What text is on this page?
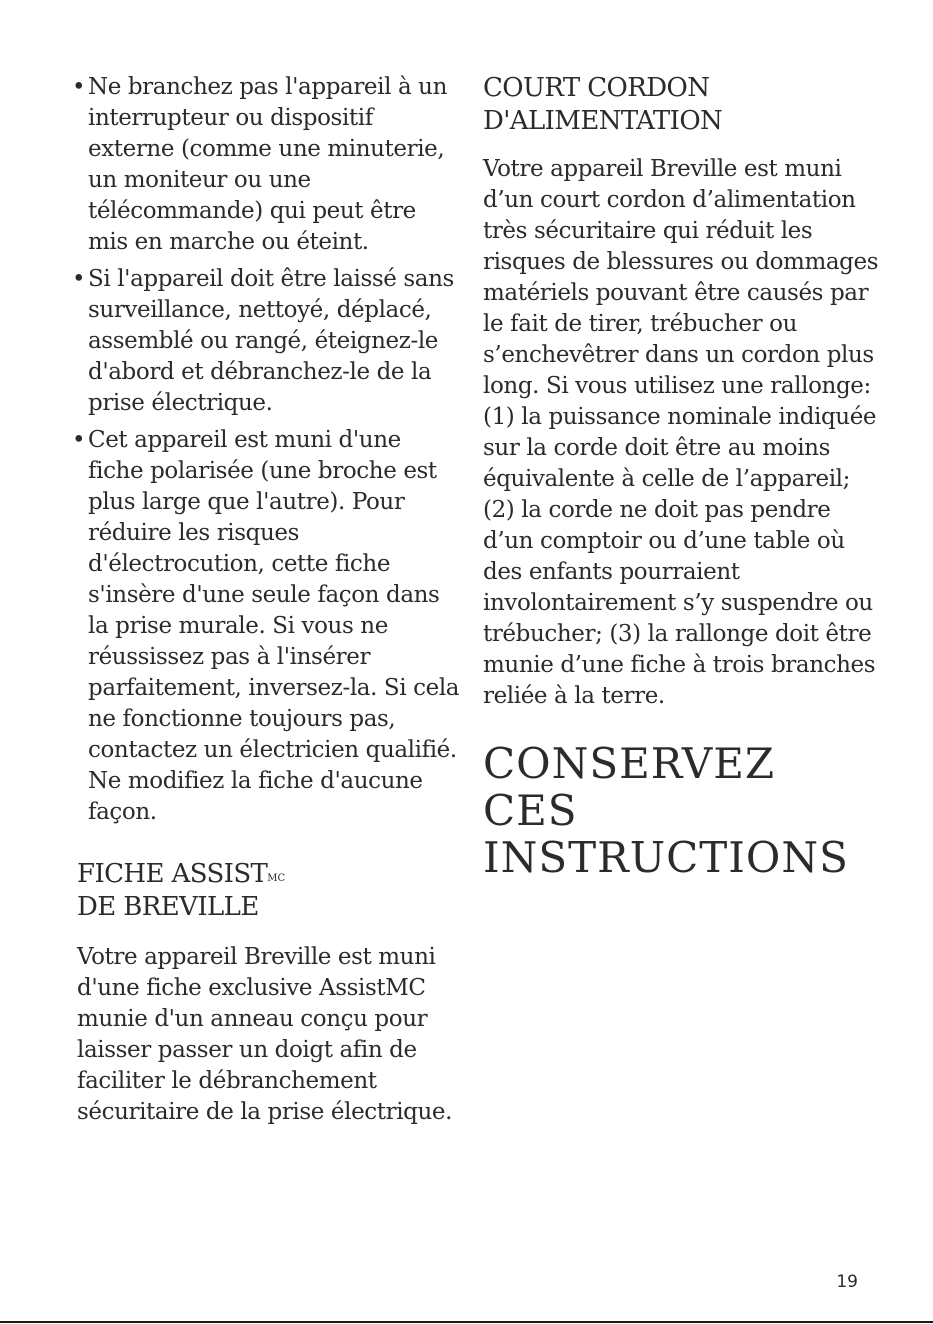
• Ne branchez pas l'appareil à un interrupteur ou dispositif externe (comme une minuterie, un moniteur ou une télécommande) qui peut être mis en marche ou éteint.
• Si l'appareil doit être laissé sans surveillance, nettoyé, déplacé, assemblé ou rangé, éteignez-le d'abord et débranchez-le de la prise électrique.
• Cet appareil est muni d'une fiche polarisée (une broche est plus large que l'autre). Pour réduire les risques d'électrocution, cette fiche s'insère d'une seule façon dans la prise murale. Si vous ne réussissez pas à l'insérer parfaitement, inversez-la. Si cela ne fonctionne toujours pas, contactez un électricien qualifié. Ne modifiez la fiche d'aucune façon.
FICHE $ASSIST^{MC}$
DE BREVILLE

Votre appareil Breville est muni d'une fiche exclusive AssistMC munie d'un anneau conçu pour laisser passer un doigt afin de faciliter le débranchement sécuritaire de la prise électrique.

COURT CORDON
D'ALIMENTATION

Votre appareil Breville est muni d’un court cordon d’alimentation très sécuritaire qui réduit les risques de blessures ou dommages matériels pouvant être causés par le fait de tirer, trébucher ou s’enchevêtrer dans un cordon plus long. Si vous utilisez une rallonge: (1) la puissance nominale indiquée sur la corde doit être au moins équivalente à celle de l’appareil; (2) la corde ne doit pas pendre d’un comptoir ou d’une table où des enfants pourraient involontairement s’y suspendre ou trébucher; (3) la rallonge doit être munie d’une fiche à trois branches reliée à la terre.

CONSERVEZ CES
INSTRUCTIONS
19
